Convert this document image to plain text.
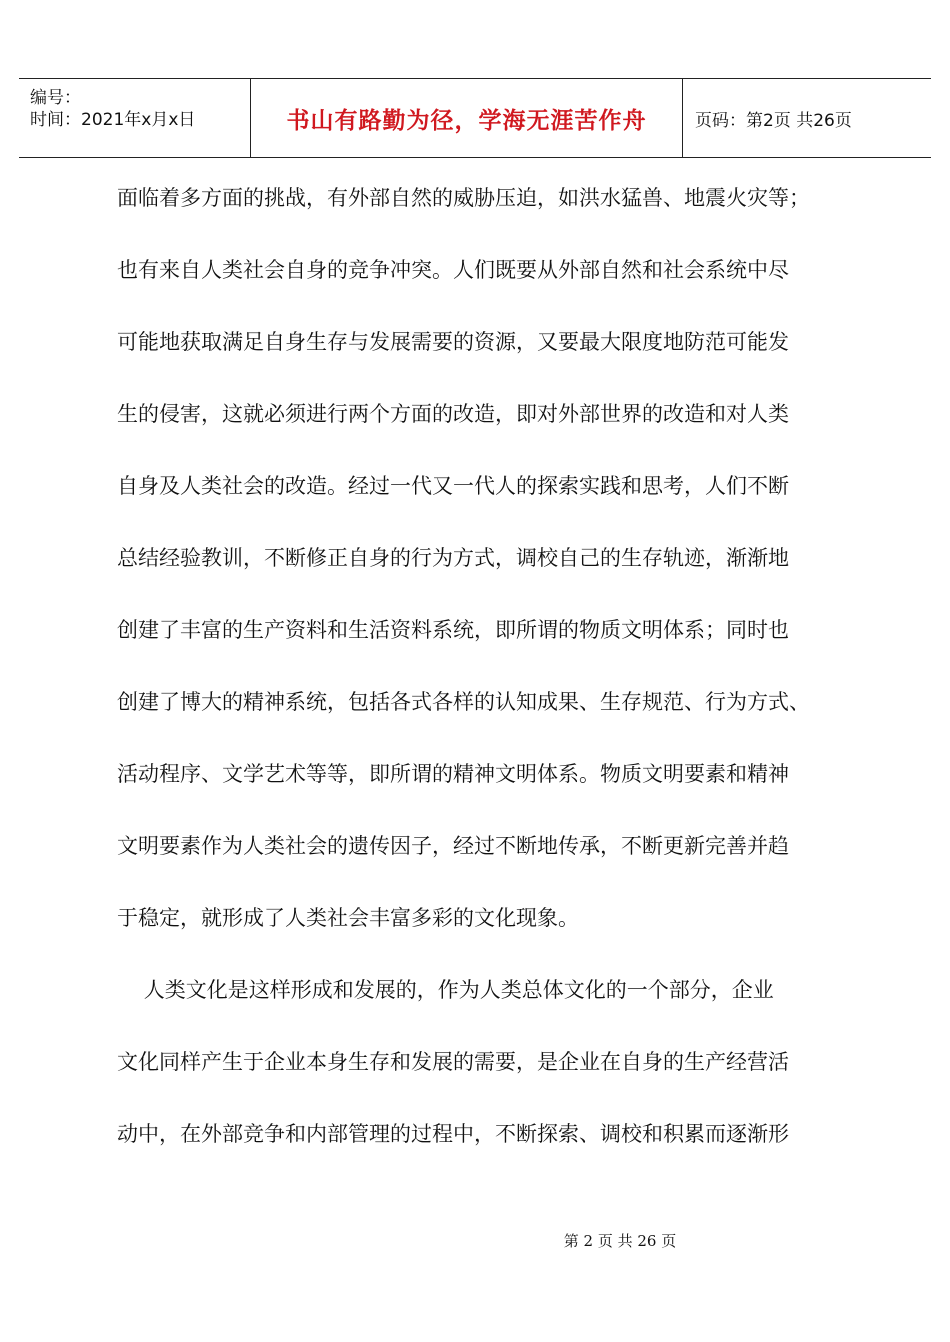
编号：
时间：2021年x月x日	书山有路勤为径，学海无涯苦作舟	页码：第2页 共26页

面临着多方面的挑战，有外部自然的威胁压迫，如洪水猛兽、地震火灾等；

也有来自人类社会自身的竞争冲突。人们既要从外部自然和社会系统中尽

可能地获取满足自身生存与发展需要的资源，又要最大限度地防范可能发

生的侵害，这就必须进行两个方面的改造，即对外部世界的改造和对人类

自身及人类社会的改造。经过一代又一代人的探索实践和思考，人们不断

总结经验教训，不断修正自身的行为方式，调校自己的生存轨迹，渐渐地

创建了丰富的生产资料和生活资料系统，即所谓的物质文明体系；同时也

创建了博大的精神系统，包括各式各样的认知成果、生存规范、行为方式、

活动程序、文学艺术等等，即所谓的精神文明体系。物质文明要素和精神

文明要素作为人类社会的遗传因子，经过不断地传承，不断更新完善并趋

于稳定，就形成了人类社会丰富多彩的文化现象。

人类文化是这样形成和发展的，作为人类总体文化的一个部分，企业

文化同样产生于企业本身生存和发展的需要，是企业在自身的生产经营活

动中，在外部竞争和内部管理的过程中，不断探索、调校和积累而逐渐形

第 2 页 共 26 页
